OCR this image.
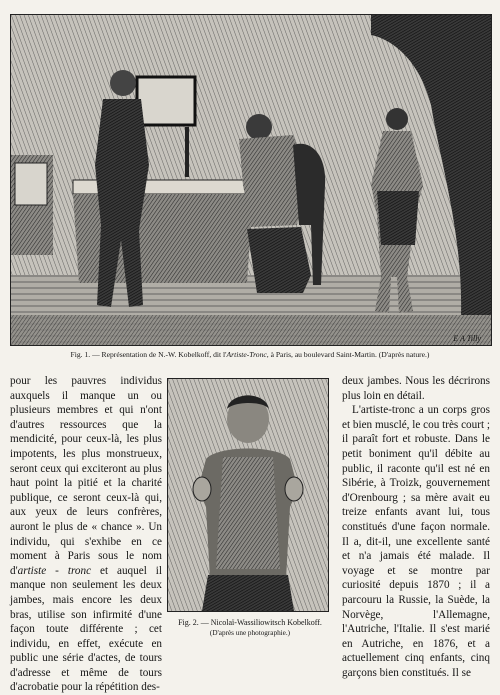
E A Tilly
Fig. 1. — Représentation de N.-W. Kobelkoff, dit l'Artiste-Tronc, à Paris, au boulevard Saint-Martin. (D'après nature.)

pour les pauvres individus auxquels il manque un ou plusieurs membres et qui n'ont d'autres ressources que la mendicité, pour ceux-là, les plus impotents, les plus monstrueux, seront ceux qui exciteront au plus haut point la pitié et la charité publique, ce seront ceux-là qui, aux yeux de leurs confrères, auront le plus de « chance ». Un individu, qui s'exhibe en ce moment à Paris sous le nom d'artiste - tronc et auquel il manque non seulement les deux jambes, mais encore les deux bras, utilise son infirmité d'une façon toute différente ; cet individu, en effet, exécute en public une série d'actes, de tours d'adresse et même de tours d'acrobatie pour la répétition des-

Fig. 2. — Nicolaï-Wassiliowitsch Kobelkoff.
(D'après une photographie.)

deux jambes. Nous les décrirons plus loin en détail.

L'artiste-tronc a un corps gros et bien musclé, le cou très court ; il paraît fort et robuste. Dans le petit boniment qu'il débite au public, il raconte qu'il est né en Sibérie, à Troizk, gouvernement d'Orenbourg ; sa mère avait eu treize enfants avant lui, tous constitués d'une façon normale. Il a, dit-il, une excellente santé et n'a jamais été malade. Il voyage et se montre par curiosité depuis 1870 ; il a parcouru la Russie, la Suède, la Norvège, l'Allemagne, l'Autriche, l'Italie. Il s'est marié en Autriche, en 1876, et a actuellement cinq enfants, cinq garçons bien constitués. Il se
